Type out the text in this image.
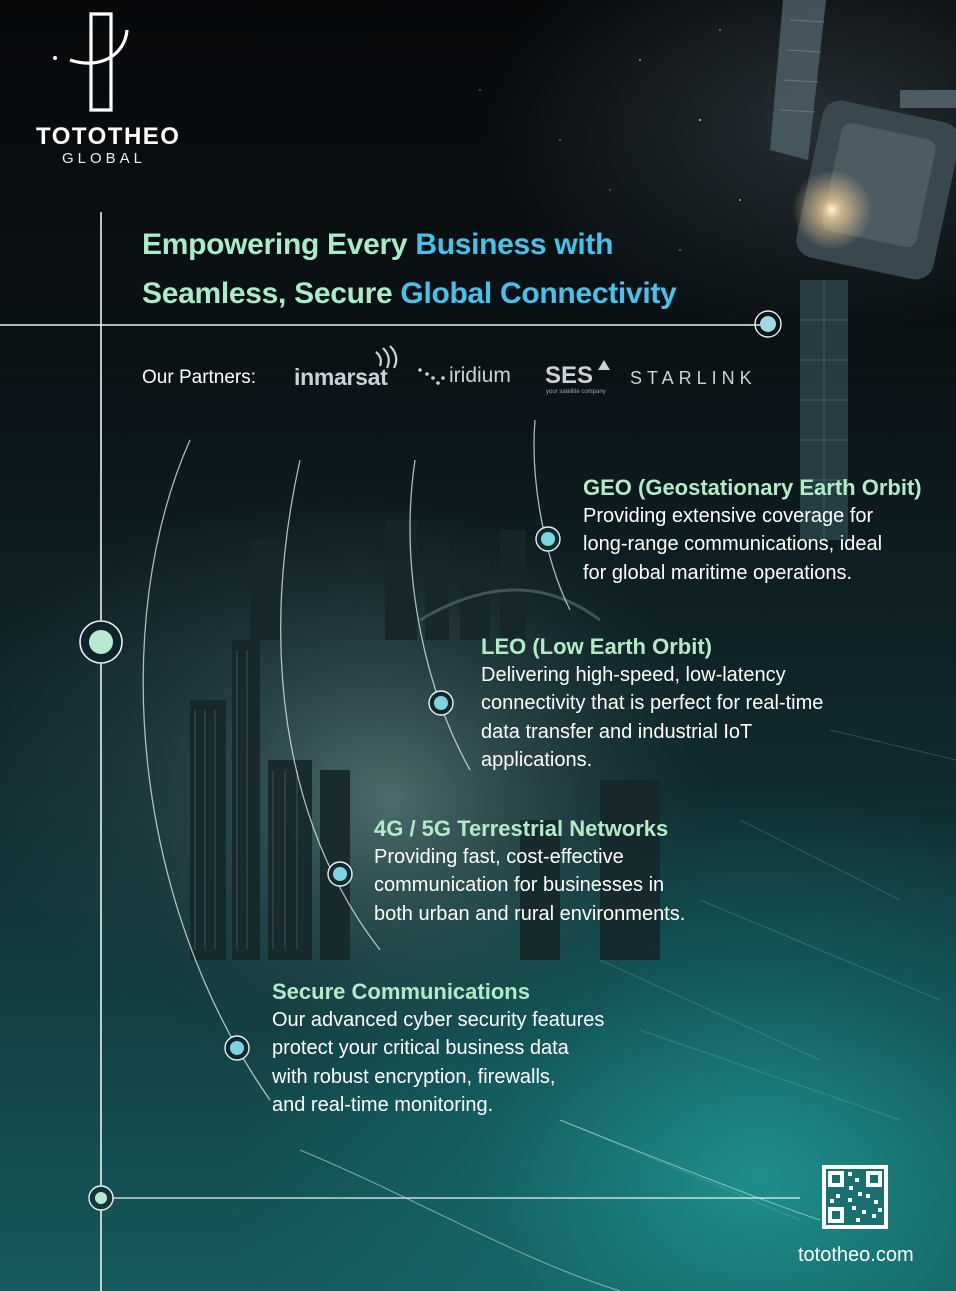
TOTOTHEO
GLOBAL
Empowering Every Business with
Seamless, Secure Global Connectivity
Our Partners: inmarsat	iridium SES
your satellite company
STARLINK

GEO (Geostationary Earth Orbit)

Providing extensive coverage for

long-range communications, ideal

for global maritime operations.

LEO (Low Earth Orbit)

Delivering high-speed, low-latency

connectivity that is perfect for real-time

data transfer and industrial IoT

applications.

4G / 5G Terrestrial Networks

Providing fast, cost-effective

communication for businesses in

both urban and rural environments.

Secure Communications

Our advanced cyber security features

protect your critical business data

with robust encryption, firewalls,

and real-time monitoring.

tototheo.com
